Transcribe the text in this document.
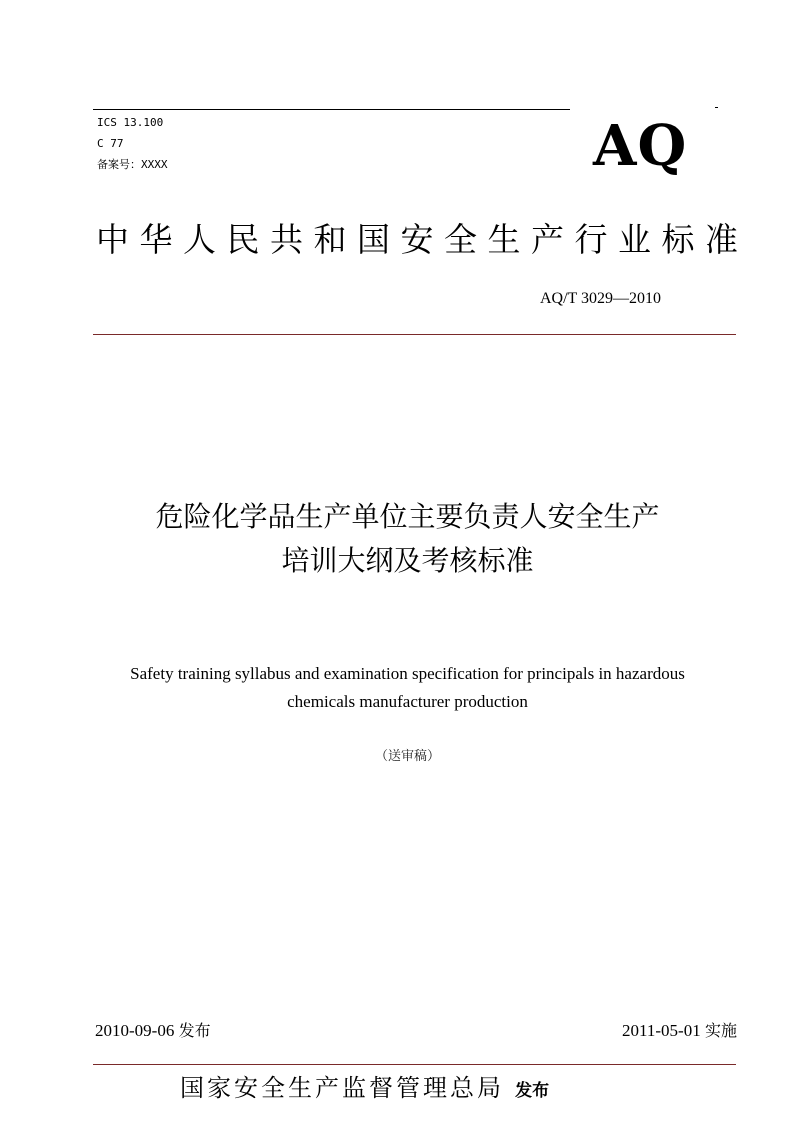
ICS 13.100
C 77
备案号：XXXX	AQ
中华人民共和国安全生产行业标准
AQ/T 3029—2010
危险化学品生产单位主要负责人安全生产
培训大纲及考核标准
Safety training syllabus and examination specification for principals in hazardous
chemicals manufacturer production
（送审稿）
2010-09-06 发布	2011-05-01 实施
国家安全生产监督管理总局 发布
